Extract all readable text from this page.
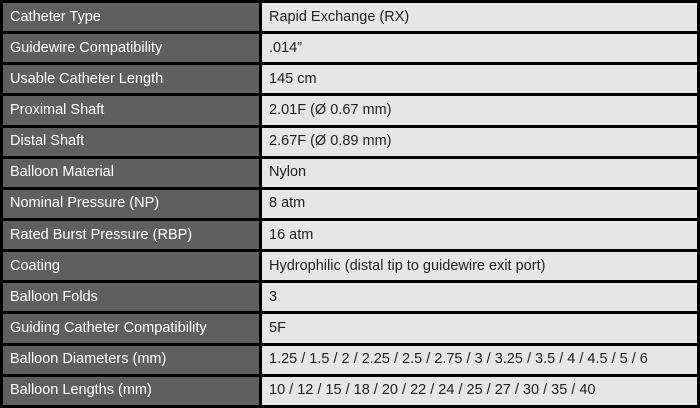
Catheter Type	Rapid Exchange (RX)
Guidewire Compatibility	.014”
Usable Catheter Length	145 cm
Proximal Shaft	2.01F (Ø 0.67 mm)
Distal Shaft	2.67F (Ø 0.89 mm)
Balloon Material	Nylon
Nominal Pressure (NP)	8 atm
Rated Burst Pressure (RBP)	16 atm
Coating	Hydrophilic (distal tip to guidewire exit port)
Balloon Folds	3
Guiding Catheter Compatibility	5F
Balloon Diameters (mm)	1.25 / 1.5 / 2 / 2.25 / 2.5 / 2.75 / 3 / 3.25 / 3.5 / 4 / 4.5 / 5 / 6
Balloon Lengths (mm)	10 / 12 / 15 / 18 / 20 / 22 / 24 / 25 / 27 / 30 / 35 / 40
